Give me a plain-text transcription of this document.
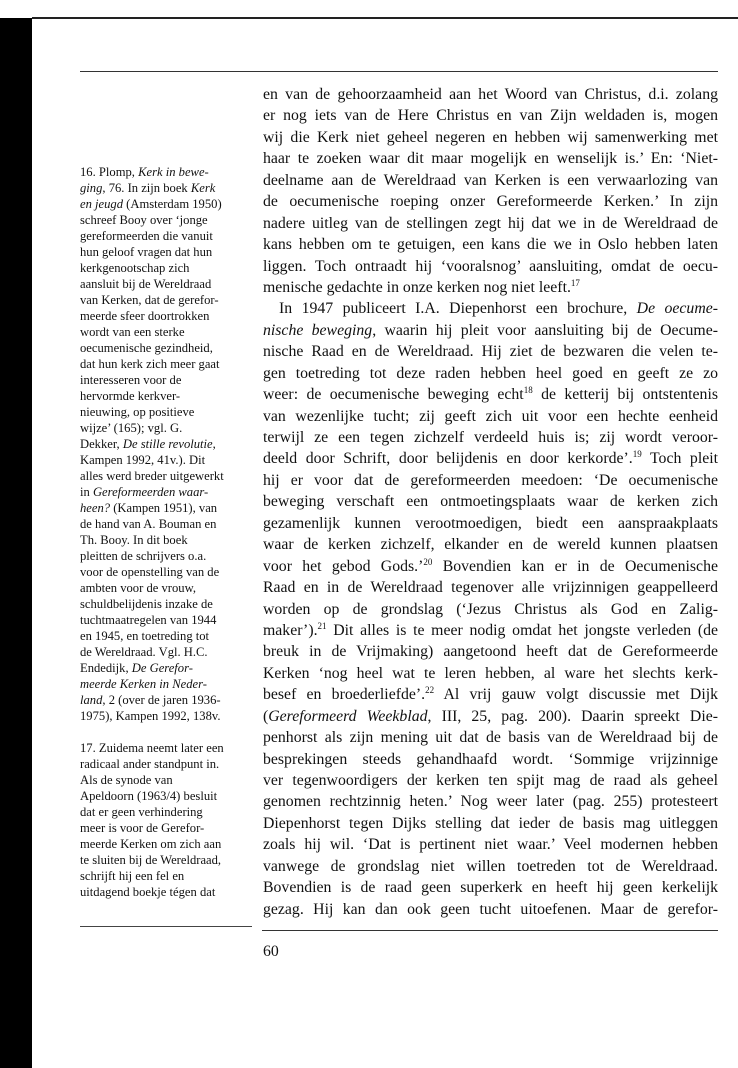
16. Plomp, Kerk in bewe-
ging, 76. In zijn boek Kerk
en jeugd (Amsterdam 1950)
schreef Booy over ‘jonge
gereformeerden die vanuit
hun geloof vragen dat hun
kerkgenootschap zich
aansluit bij de Wereldraad
van Kerken, dat de gerefor-
meerde sfeer doortrokken
wordt van een sterke
oecumenische gezindheid,
dat hun kerk zich meer gaat
interesseren voor de
hervormde kerkver-
nieuwing, op positieve
wijze’ (165); vgl. G.
Dekker, De stille revolutie,
Kampen 1992, 41v.). Dit
alles werd breder uitgewerkt
in Gereformeerden waar-
heen? (Kampen 1951), van
de hand van A. Bouman en
Th. Booy. In dit boek
pleitten de schrijvers o.a.
voor de openstelling van de
ambten voor de vrouw,
schuldbelijdenis inzake de
tuchtmaatregelen van 1944
en 1945, en toetreding tot
de Wereldraad. Vgl. H.C.
Endedijk, De Gerefor-
meerde Kerken in Neder-
land, 2 (over de jaren 1936-
1975), Kampen 1992, 138v.
17. Zuidema neemt later een
radicaal ander standpunt in.
Als de synode van
Apeldoorn (1963/4) besluit
dat er geen verhindering
meer is voor de Gerefor-
meerde Kerken om zich aan
te sluiten bij de Wereldraad,
schrijft hij een fel en
uitdagend boekje tégen dat
en van de gehoorzaamheid aan het Woord van Christus, d.i. zolang
er nog iets van de Here Christus en van Zijn weldaden is, mogen
wij die Kerk niet geheel negeren en hebben wij samenwerking met
haar te zoeken waar dit maar mogelijk en wenselijk is.’ En: ‘Niet-
deelname aan de Wereldraad van Kerken is een verwaarlozing van
de oecumenische roeping onzer Gereformeerde Kerken.’ In zijn
nadere uitleg van de stellingen zegt hij dat we in de Wereldraad de
kans hebben om te getuigen, een kans die we in Oslo hebben laten
liggen. Toch ontraadt hij ‘vooralsnog’ aansluiting, omdat de oecu-
menische gedachte in onze kerken nog niet leeft.$^{17}$
In 1947 publiceert I.A. Diepenhorst een brochure, De oecume-
nische beweging, waarin hij pleit voor aansluiting bij de Oecume-
nische Raad en de Wereldraad. Hij ziet de bezwaren die velen te-
gen toetreding tot deze raden hebben heel goed en geeft ze zo
weer: de oecumenische beweging echt$^{18}$ de ketterij bij ontstentenis
van wezenlijke tucht; zij geeft zich uit voor een hechte eenheid
terwijl ze een tegen zichzelf verdeeld huis is; zij wordt veroor-
deeld door Schrift, door belijdenis en door kerkorde’.$^{19}$ Toch pleit
hij er voor dat de gereformeerden meedoen: ‘De oecumenische
beweging verschaft een ontmoetingsplaats waar de kerken zich
gezamenlijk kunnen verootmoedigen, biedt een aanspraakplaats
waar de kerken zichzelf, elkander en de wereld kunnen plaatsen
voor het gebod Gods.’$^{20}$ Bovendien kan er in de Oecumenische
Raad en in de Wereldraad tegenover alle vrijzinnigen geappelleerd
worden op de grondslag (‘Jezus Christus als God en Zalig-
maker’).$^{21}$ Dit alles is te meer nodig omdat het jongste verleden (de
breuk in de Vrijmaking) aangetoond heeft dat de Gereformeerde
Kerken ‘nog heel wat te leren hebben, al ware het slechts kerk-
besef en broederliefde’.$^{22}$ Al vrij gauw volgt discussie met Dijk
(Gereformeerd Weekblad, III, 25, pag. 200). Daarin spreekt Die-
penhorst als zijn mening uit dat de basis van de Wereldraad bij de
besprekingen steeds gehandhaafd wordt. ‘Sommige vrijzinnige
ver tegenwoordigers der kerken ten spijt mag de raad als geheel
genomen rechtzinnig heten.’ Nog weer later (pag. 255) protesteert
Diepenhorst tegen Dijks stelling dat ieder de basis mag uitleggen
zoals hij wil. ‘Dat is pertinent niet waar.’ Veel modernen hebben
vanwege de grondslag niet willen toetreden tot de Wereldraad.
Bovendien is de raad geen superkerk en heeft hij geen kerkelijk
gezag. Hij kan dan ook geen tucht uitoefenen. Maar de gerefor-
60
